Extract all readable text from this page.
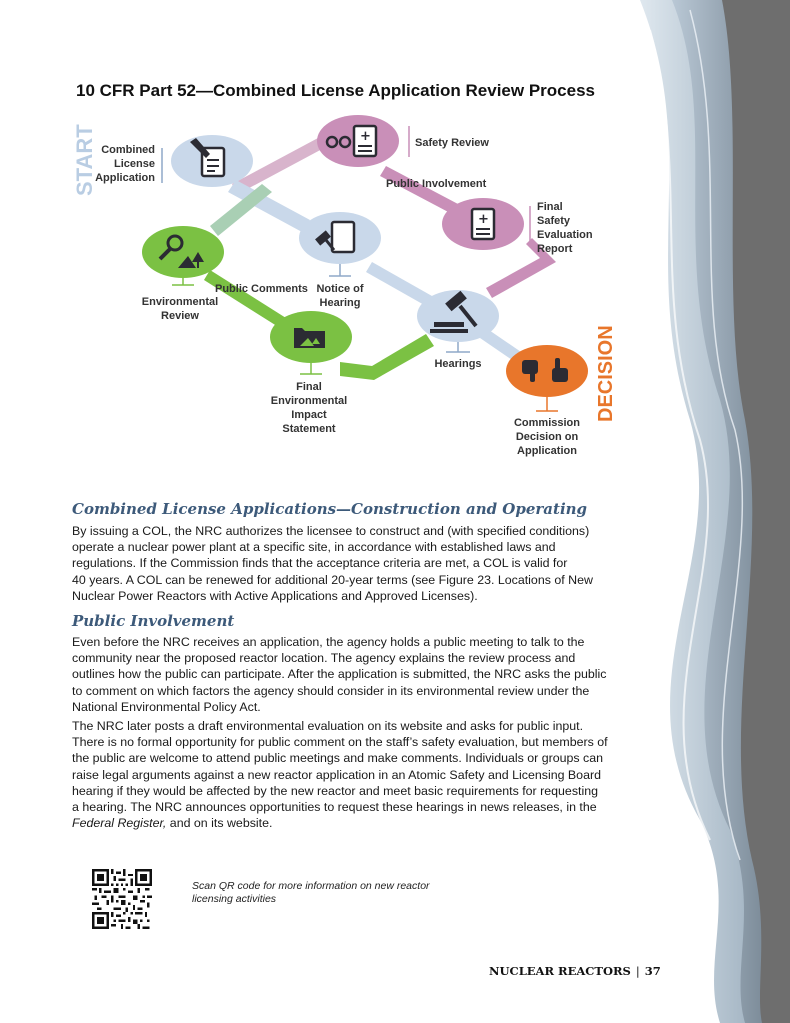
10 CFR Part 52—Combined License Application Review Process
START
DECISION
Combined
License
Application
+	Safety Review
Public Involvement
+
Final
Safety
Evaluation
Report
Environmental
Review
Public Comments Notice of
Hearing
Hearings
Final
Environmental
Impact
Statement	Commission
Decision on
Application
Combined License Applications—Construction and Operating
By issuing a COL, the NRC authorizes the licensee to construct and (with specified conditions)
operate a nuclear power plant at a specific site, in accordance with established laws and
regulations. If the Commission finds that the acceptance criteria are met, a COL is valid for
40 years. A COL can be renewed for additional 20-year terms (see Figure 23. Locations of New
Nuclear Power Reactors with Active Applications and Approved Licenses).
Public Involvement
Even before the NRC receives an application, the agency holds a public meeting to talk to the
community near the proposed reactor location. The agency explains the review process and
outlines how the public can participate. After the application is submitted, the NRC asks the public
to comment on which factors the agency should consider in its environmental review under the
National Environmental Policy Act.
The NRC later posts a draft environmental evaluation on its website and asks for public input.
There is no formal opportunity for public comment on the staff’s safety evaluation, but members of
the public are welcome to attend public meetings and make comments. Individuals or groups can
raise legal arguments against a new reactor application in an Atomic Safety and Licensing Board
hearing if they would be affected by the new reactor and meet basic requirements for requesting
a hearing. The NRC announces opportunities to request these hearings in news releases, in the
Federal Register, and on its website.
Scan QR code for more information on new reactor
licensing activities
NUCLEAR REACTORS | 37
